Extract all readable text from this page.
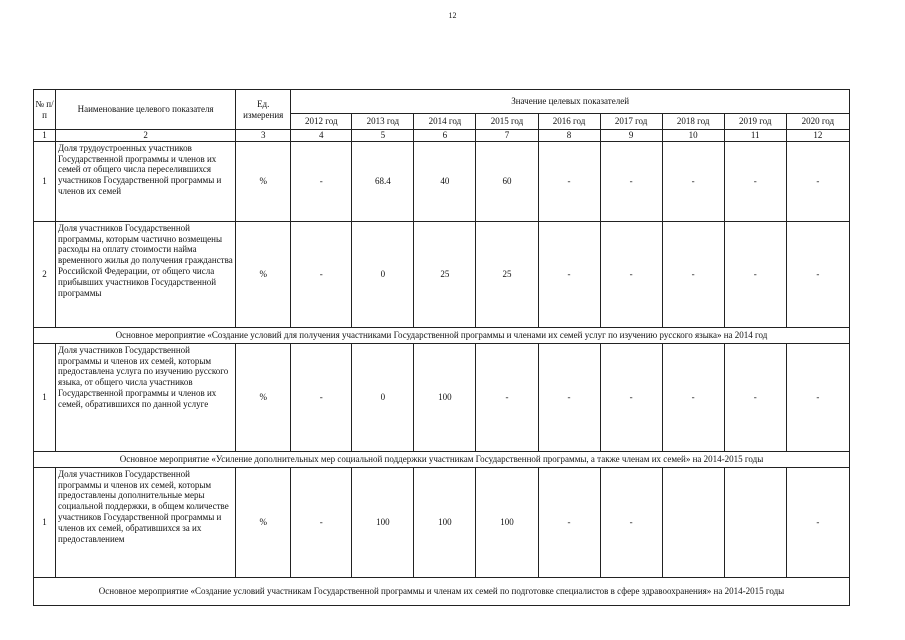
12
№ п/п	Наименование целевого показателя	Ед. измерения	Значение целевых показателей								
			2012 год	2013 год	2014 год	2015 год	2016 год	2017 год	2018 год	2019 год	2020 год
1	2	3	4	5	6	7	8	9	10	11	12
1	Доля трудоустроенных участников Государственной программы и членов их семей от общего числа переселившихся участников Государственной программы и членов их семей	%	-	68.4	40	60	-	-	-	-	-
2	Доля участников Государственной программы, которым частично возмещены расходы на оплату стоимости найма временного жилья до получения гражданства Российской Федерации, от общего числа прибывших участников Государственной программы	%	-	0	25	25	-	-	-	-	-
Основное мероприятие «Создание условий для получения участниками Государственной программы и членами их семей услуг по изучению русского языка» на 2014 год											
1	Доля участников Государственной программы и членов их семей, которым предоставлена услуга по изучению русского языка, от общего числа участников Государственной программы и членов их семей, обратившихся по данной услуге	%	-	0	100	-	-	-	-	-	-
Основное мероприятие «Усиление дополнительных мер социальной поддержки участникам Государственной программы, а также членам их семей» на 2014-2015 годы											
1	Доля участников Государственной программы и членов их семей, которым предоставлены дополнительные меры социальной поддержки, в общем количестве участников Государственной программы и членов их семей, обратившихся за их предоставлением	%	-	100	100	100	-	-			-
Основное мероприятие «Создание условий участникам Государственной программы и членам их семей по подготовке специалистов в сфере здравоохранения» на 2014-2015 годы											
